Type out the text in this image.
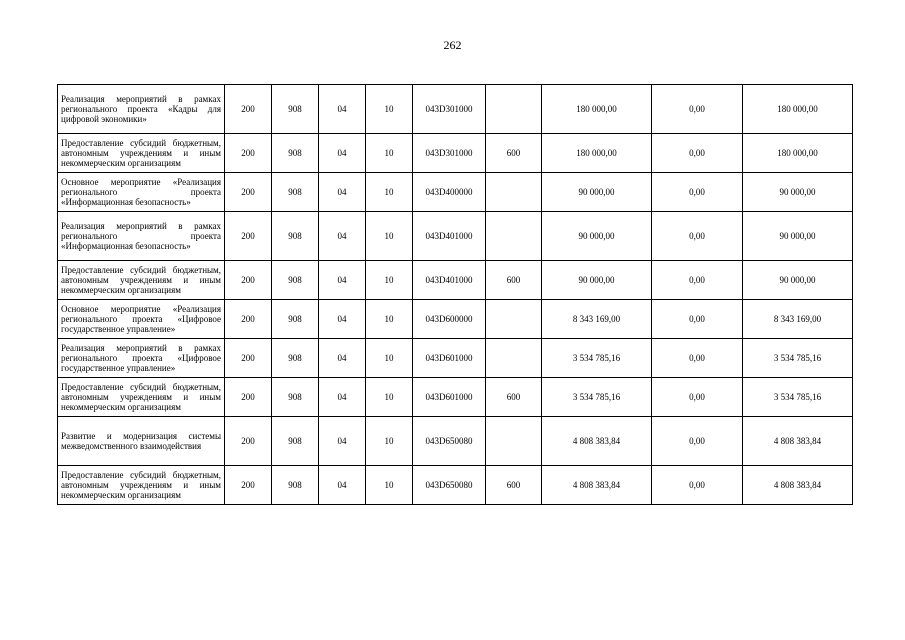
262
Реализация мероприятий в рамках регионального проекта «Кадры для цифровой экономики»	200	908	04	10	043D301000		180 000,00	0,00	180 000,00
Предоставление субсидий бюджетным, автономным учреждениям и иным некоммерческим организациям	200	908	04	10	043D301000	600	180 000,00	0,00	180 000,00
Основное мероприятие «Реализация регионального проекта «Информационная безопасность»	200	908	04	10	043D400000		90 000,00	0,00	90 000,00
Реализация мероприятий в рамках регионального проекта «Информационная безопасность»	200	908	04	10	043D401000		90 000,00	0,00	90 000,00
Предоставление субсидий бюджетным, автономным учреждениям и иным некоммерческим организациям	200	908	04	10	043D401000	600	90 000,00	0,00	90 000,00
Основное мероприятие «Реализация регионального проекта «Цифровое государственное управление»	200	908	04	10	043D600000		8 343 169,00	0,00	8 343 169,00
Реализация мероприятий в рамках регионального проекта «Цифровое государственное управление»	200	908	04	10	043D601000		3 534 785,16	0,00	3 534 785,16
Предоставление субсидий бюджетным, автономным учреждениям и иным некоммерческим организациям	200	908	04	10	043D601000	600	3 534 785,16	0,00	3 534 785,16
Развитие и модернизация системы межведомственного взаимодействия	200	908	04	10	043D650080		4 808 383,84	0,00	4 808 383,84
Предоставление субсидий бюджетным, автономным учреждениям и иным некоммерческим организациям	200	908	04	10	043D650080	600	4 808 383,84	0,00	4 808 383,84
